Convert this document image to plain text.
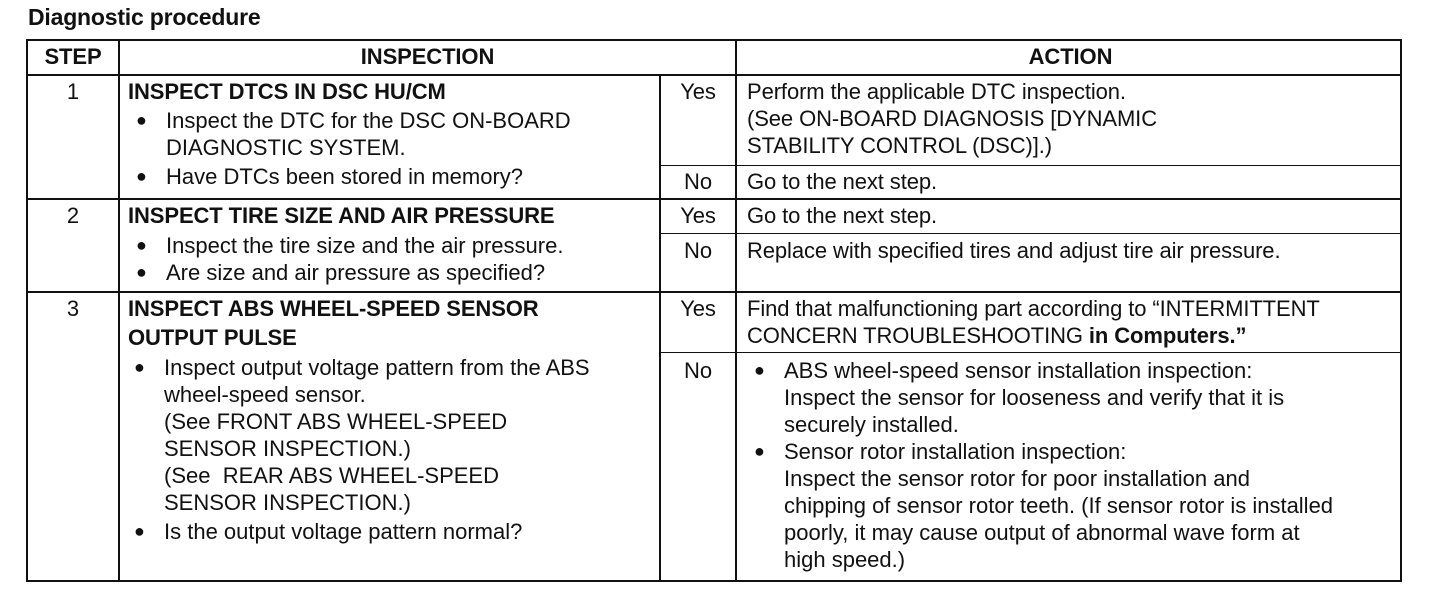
Diagnostic procedure
STEP	INSPECTION	ACTION
1	INSPECT DTCS IN DSC HU/CM
● Inspect the DTC for the DSC ON-BOARD
DIAGNOSTIC SYSTEM.
● Have DTCs been stored in memory?
Yes	Perform the applicable DTC inspection.
(See ON-BOARD DIAGNOSIS [DYNAMIC
STABILITY CONTROL (DSC)].)
No	Go to the next step.
2	INSPECT TIRE SIZE AND AIR PRESSURE
● Inspect the tire size and the air pressure.
● Are size and air pressure as specified?
Yes	Go to the next step.
No	Replace with specified tires and adjust tire air pressure.
3	INSPECT ABS WHEEL-SPEED SENSOR
OUTPUT PULSE
● Inspect output voltage pattern from the ABS
wheel-speed sensor.
(See FRONT ABS WHEEL-SPEED
SENSOR INSPECTION.)
(See  REAR ABS WHEEL-SPEED
SENSOR INSPECTION.)
● Is the output voltage pattern normal?
Yes	Find that malfunctioning part according to “INTERMITTENT
CONCERN TROUBLESHOOTING in Computers.”
No	● ABS wheel-speed sensor installation inspection:
Inspect the sensor for looseness and verify that it is
securely installed.
● Sensor rotor installation inspection:
Inspect the sensor rotor for poor installation and
chipping of sensor rotor teeth. (If sensor rotor is installed
poorly, it may cause output of abnormal wave form at
high speed.)
